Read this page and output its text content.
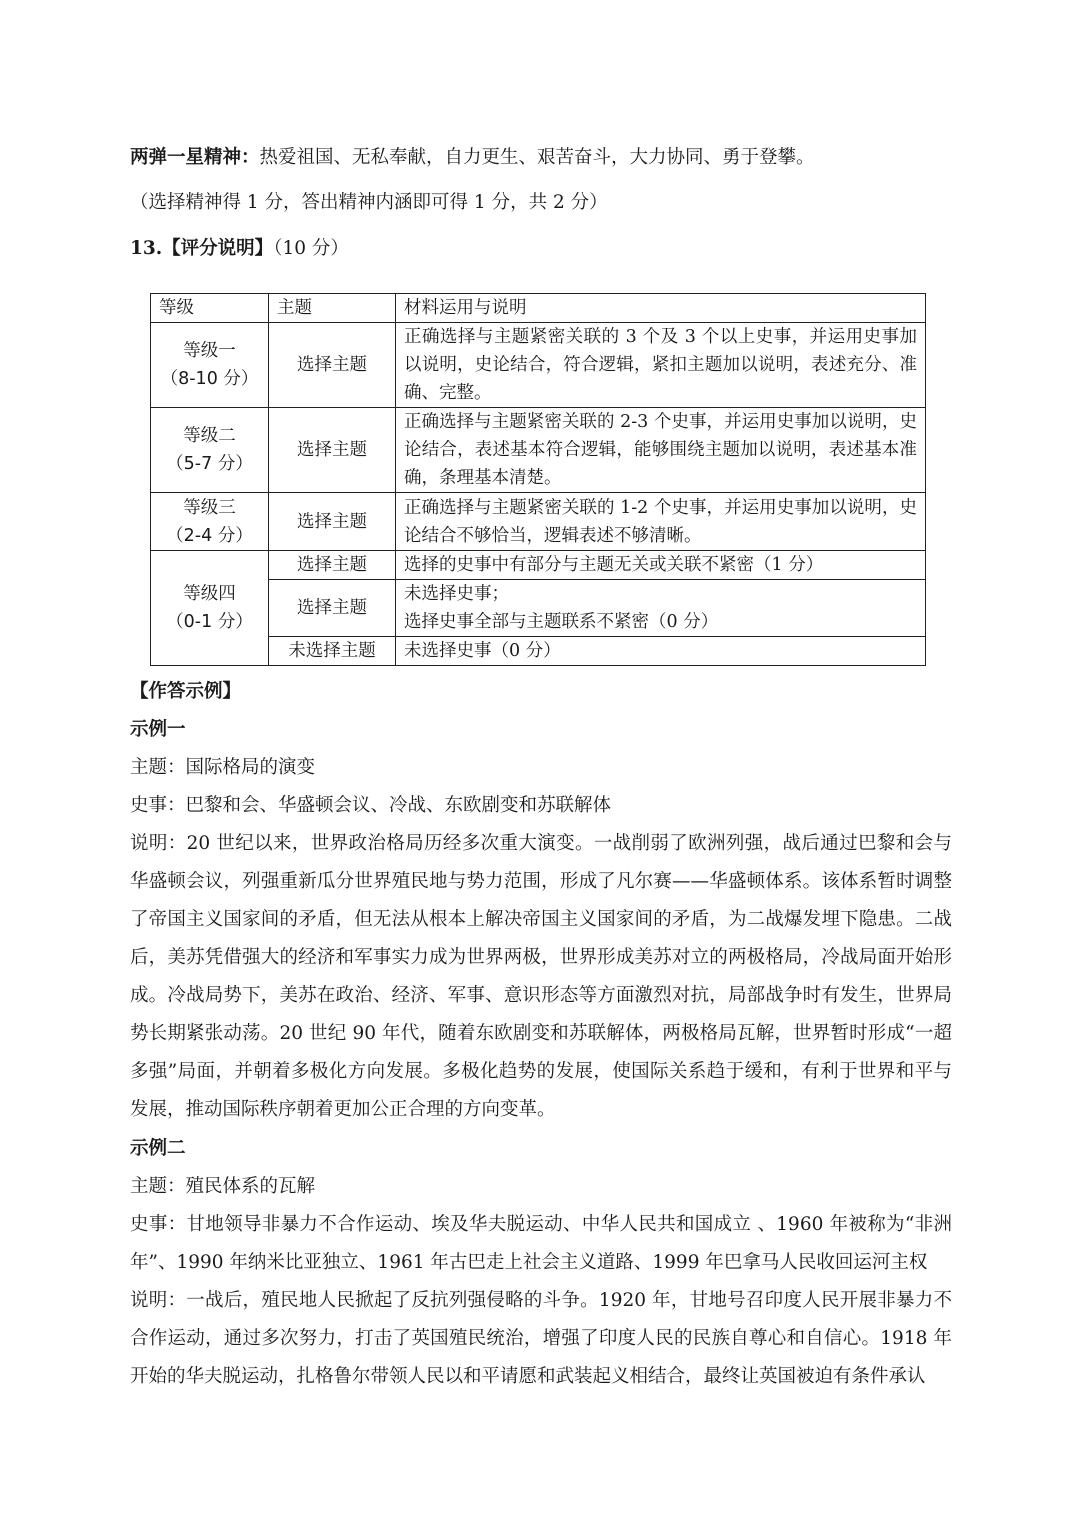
两弹一星精神：热爱祖国、无私奉献，自力更生、艰苦奋斗，大力协同、勇于登攀。
（选择精神得 1 分，答出精神内涵即可得 1 分，共 2 分）
13.【评分说明】（10 分）
等级	主题	材料运用与说明

等级一
（8-10 分）	选择主题	正确选择与主题紧密关联的 3 个及 3 个以上史事，并运用史事加以说明，史论结合，符合逻辑，紧扣主题加以说明，表述充分、准确、完整。

等级二
（5-7 分）	选择主题	正确选择与主题紧密关联的 2-3 个史事，并运用史事加以说明，史论结合，表述基本符合逻辑，能够围绕主题加以说明，表述基本准确，条理基本清楚。

等级三
（2-4 分）	选择主题	正确选择与主题紧密关联的 1-2 个史事，并运用史事加以说明，史论结合不够恰当，逻辑表述不够清晰。

等级四
（0-1 分）	选择主题	选择的史事中有部分与主题无关或关联不紧密（1 分）
	选择主题	未选择史事；
选择史事全部与主题联系不紧密（0 分）

	未选择主题	未选择史事（0 分）
【作答示例】
示例一
主题：国际格局的演变
史事：巴黎和会、华盛顿会议、冷战、东欧剧变和苏联解体
说明：20 世纪以来，世界政治格局历经多次重大演变。一战削弱了欧洲列强，战后通过巴黎和会与华盛顿会议，列强重新瓜分世界殖民地与势力范围，形成了凡尔赛——华盛顿体系。该体系暂时调整了帝国主义国家间的矛盾，但无法从根本上解决帝国主义国家间的矛盾，为二战爆发埋下隐患。二战后，美苏凭借强大的经济和军事实力成为世界两极，世界形成美苏对立的两极格局，冷战局面开始形成。冷战局势下，美苏在政治、经济、军事、意识形态等方面激烈对抗，局部战争时有发生，世界局势长期紧张动荡。20 世纪 90 年代，随着东欧剧变和苏联解体，两极格局瓦解，世界暂时形成“一超多强”局面，并朝着多极化方向发展。多极化趋势的发展，使国际关系趋于缓和，有利于世界和平与发展，推动国际秩序朝着更加公正合理的方向变革。
示例二
主题：殖民体系的瓦解
史事：甘地领导非暴力不合作运动、埃及华夫脱运动、中华人民共和国成立 、1960 年被称为“非洲年”、1990 年纳米比亚独立、1961 年古巴走上社会主义道路、1999 年巴拿马人民收回运河主权
说明：一战后，殖民地人民掀起了反抗列强侵略的斗争。1920 年，甘地号召印度人民开展非暴力不合作运动，通过多次努力，打击了英国殖民统治，增强了印度人民的民族自尊心和自信心。1918 年开始的华夫脱运动，扎格鲁尔带领人民以和平请愿和武装起义相结合，最终让英国被迫有条件承认
